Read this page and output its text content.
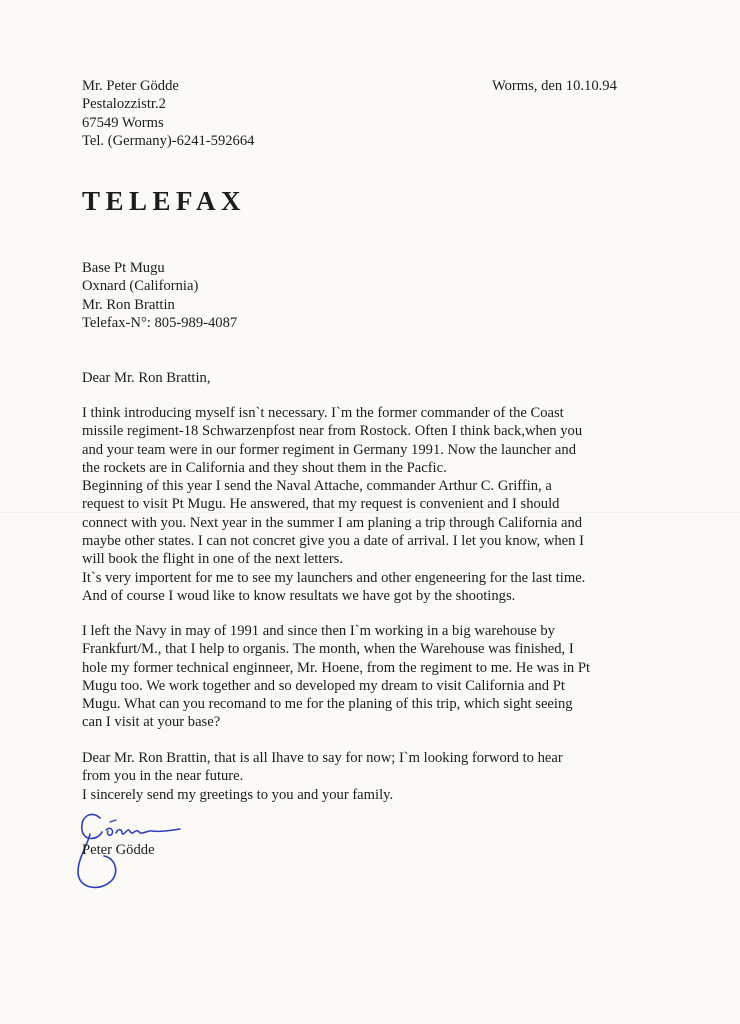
Mr. Peter Gödde
Pestalozzistr.2
67549 Worms
Tel. (Germany)-6241-592664
Worms, den 10.10.94
TELEFAX
Base Pt Mugu
Oxnard (California)
Mr. Ron Brattin
Telefax-N°: 805-989-4087
Dear Mr. Ron Brattin,
I think introducing myself isn`t necessary. I`m the former commander of the Coast
missile regiment-18 Schwarzenpfost near from Rostock. Often I think back,when you
and your team were in our former regiment in Germany 1991. Now the launcher and
the rockets are in California and they shout them in the Pacfic.
Beginning of this year I send the Naval Attache, commander Arthur C. Griffin, a
request to visit Pt Mugu. He answered, that my request is convenient and I should
connect with you. Next year in the summer I am planing a trip through California and
maybe other states. I can not concret give you a date of arrival. I let you know, when I
will book the flight in one of the next letters.
It`s very importent for me to see my launchers and other engeneering for the last time.
And of course I woud like to know resultats we have got by the shootings.
I left the Navy in may of 1991 and since then I`m working in a big warehouse by
Frankfurt/M., that I help to organis. The month, when the Warehouse was finished, I
hole my former technical enginneer, Mr. Hoene, from the regiment to me. He was in Pt
Mugu too. We work together and so developed my dream to visit California and Pt
Mugu. What can you recomand to me for the planing of this trip, which sight seeing
can I visit at your base?
Dear Mr. Ron Brattin, that is all Ihave to say for now; I`m looking forword to hear
from you in the near future.
I sincerely send my greetings to you and your family.
Peter Gödde
